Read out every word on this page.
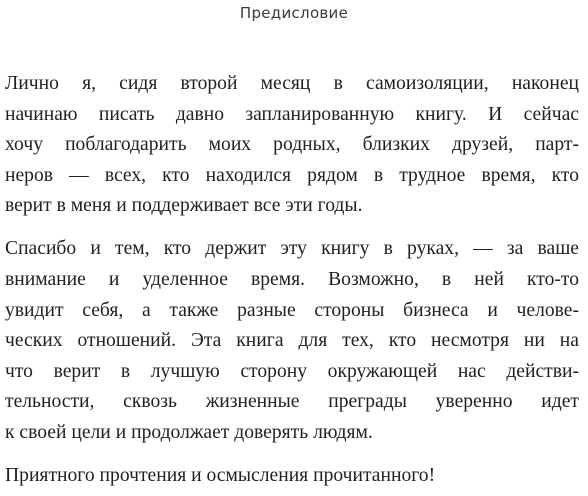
Предисловие
Лично я, сидя второй месяц в самоизоляции, наконец
начинаю писать давно запланированную книгу. И сейчас
хочу поблагодарить моих родных, близких друзей, парт-
неров — всех, кто находился рядом в трудное время, кто
верит в меня и поддерживает все эти годы.
Спасибо и тем, кто держит эту книгу в руках, — за ваше
внимание и уделенное время. Возможно, в ней кто-то
увидит себя, а также разные стороны бизнеса и челове-
ческих отношений. Эта книга для тех, кто несмотря ни на
что верит в лучшую сторону окружающей нас действи-
тельности, сквозь жизненные преграды уверенно идет
к своей цели и продолжает доверять людям.
Приятного прочтения и осмысления прочитанного!
